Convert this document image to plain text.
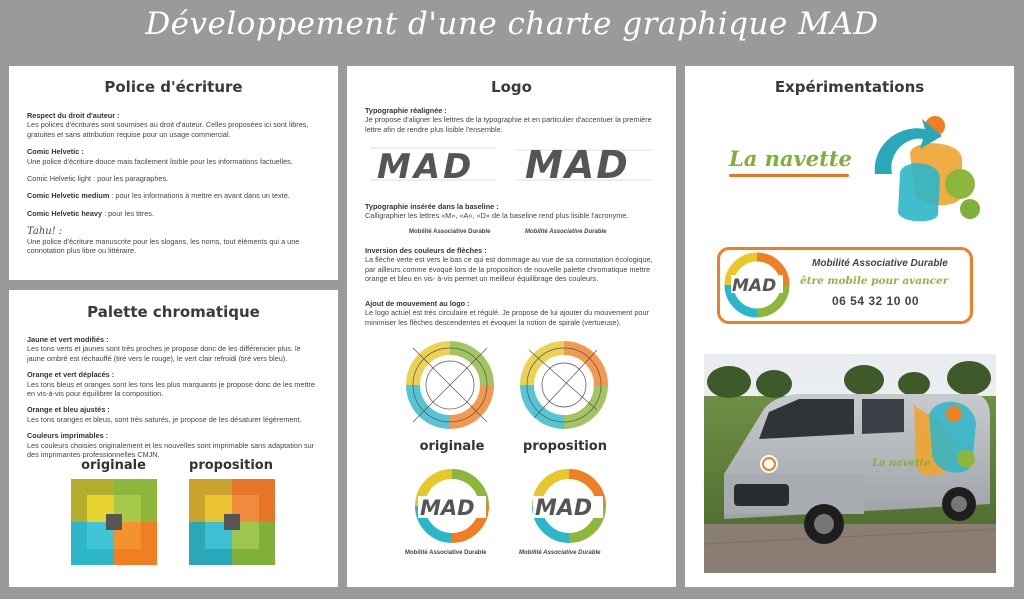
Développement d'une charte graphique MAD
Police d'écriture
Respect du droit d'auteur :
Les polices d'écritures sont soumises au droit d'auteur. Celles proposées ici sont libres, gratuites et sans attribution requise pour un usage commercial.
Comic Helvetic :
Une police d'écriture douce mais facilement lisible pour les informations factuelles.
Comic Helvetic light : pour les paragraphes.
Comic Helvetic medium : pour les informations à mettre en avant dans un texte.
Comic Helvetic heavy : pour les titres.
Tahu! :
Une police d'écriture manuscrite pour les slogans, les noms, tout éléments qui a une connotation plus libre ou littéraire.
Palette chromatique
Jaune et vert modifiés :
Les tons verts et jaunes sont très proches je propose donc de les différencier plus. le jaune ombré est réchauffé (tiré vers le rouge), le vert clair refroidi (tiré vers bleu).
Orange et vert déplacés :
Les tons bleus et oranges sont les tons les plus marquants je propose donc de les mettre en vis-à-vis pour équilibrer la composition.
Orange et bleu ajustés :
Les tons oranges et bleus, sont très saturés, je propose de les désaturer légèrement.
Couleurs imprimables :
Les couleurs choisies originalement et les nouvelles sont imprimable sans adaptation sur des imprimantes professionnelles CMJN.
originale	proposition
Logo
Typographie réalignée :
Je propose d'aligner les lettres de la typographie et en particulier d'accentuer la première lettre afin de rendre plus lisible l'ensemble.
MAD MAD
Typographie insérée dans la baseline :
Calligraphier les lettres «M», «A», «D» de la baseline rend plus lisible l'acronyme.
Mobilité Associative Durable	Mobilité Associative Durable
Inversion des couleurs de flèches :
La flèche verte est vers le bas ce qui est dommage au vue de sa connotation écologique, par ailleurs comme évoqué lors de la proposition de nouvelle palette chromatique mettre orange et bleu en vis- à-vis permet un meilleur équilibrage des couleurs.
Ajout de mouvement au logo :
Le logo actuel est très circulaire et régulé. Je propose de lui ajouter du mouvement pour minimiser les flèches descendentes et évoquer la notion de spirale (vertueuse).
originale	proposition
MAD
Mobilité Associative Durable
MAD
Mobilité Associative Durable
Expérimentations
La navette
MAD
Mobilité Associative Durable
être mobile pour avancer
06 54 32 10 00
La navette
